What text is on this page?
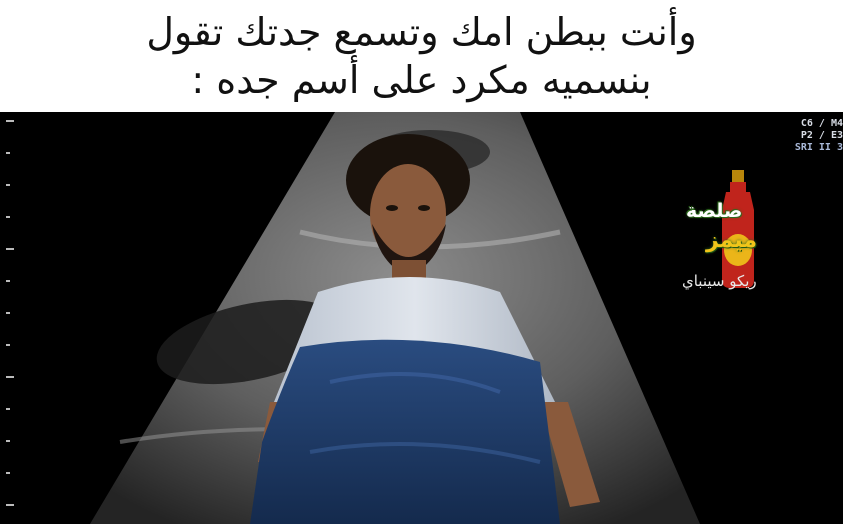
وأنت ببطن امك وتسمع جدتك تقول
بنسميه مكرد على أسم جده :
C6 / M4
P2 / E3
SRI II 3
صلصة
ميمز
ريكو سينباي
